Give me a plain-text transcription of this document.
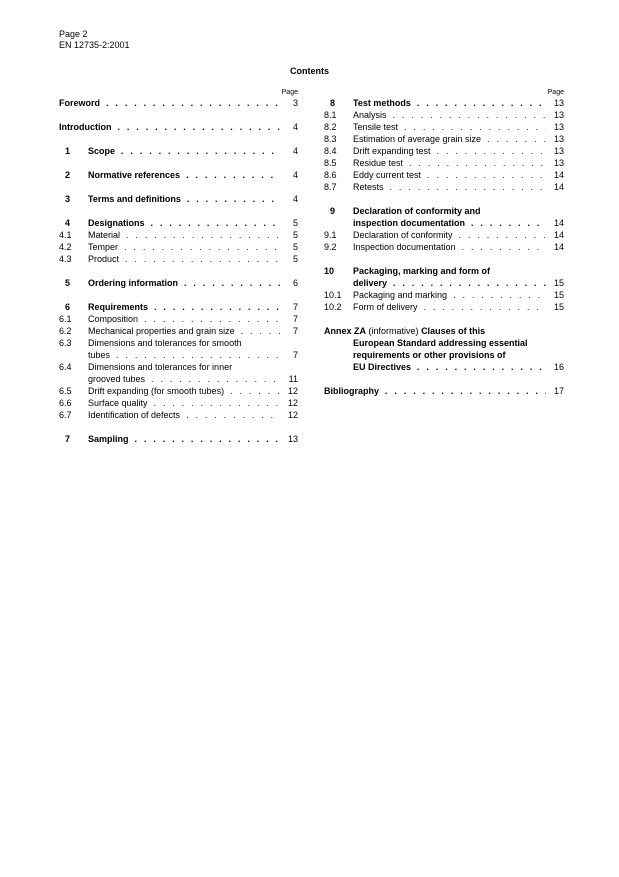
Page 2
EN 12735-2:2001
Contents
Page
Foreword . . .	3
Introduction . . .	4
1	Scope . . .	4
2	Normative references . . .	4
3	Terms and definitions . . .	4
4	Designations . . .	5
4.1	Material . . .	5
4.2	Temper . . .	5
4.3	Product . . .	5
5	Ordering information . . .	6
6	Requirements . . .	7
6.1	Composition . . .	7
6.2	Mechanical properties and grain size . . .	7
6.3 Dimensions and tolerances for smooth
tubes . . .	7
6.4 Dimensions and tolerances for inner
grooved tubes . . .	11
6.5	Drift expanding (for smooth tubes) . . .	12
6.6	Surface quality . . .	12
6.7	Identification of defects . . .	12
7	Sampling . . .	13
Page
8	Test methods . . .	13
8.1	Analysis . . .	13
8.2	Tensile test . . .	13
8.3	Estimation of average grain size . . .	13
8.4	Drift expanding test . . .	13
8.5	Residue test . . .	13
8.6	Eddy current test . . .	14
8.7	Retests . . .	14
9 Declaration of conformity and
inspection documentation . . .	14
9.1	Declaration of conformity . . .	14
9.2	Inspection documentation . . .	14
10 Packaging, marking and form of
delivery . . .	15
10.1	Packaging and marking . . .	15
10.2	Form of delivery . . .	15
Annex ZA (informative) Clauses of this
European Standard addressing essential
requirements or other provisions of
EU Directives . . .	16
Bibliography . . .	17
